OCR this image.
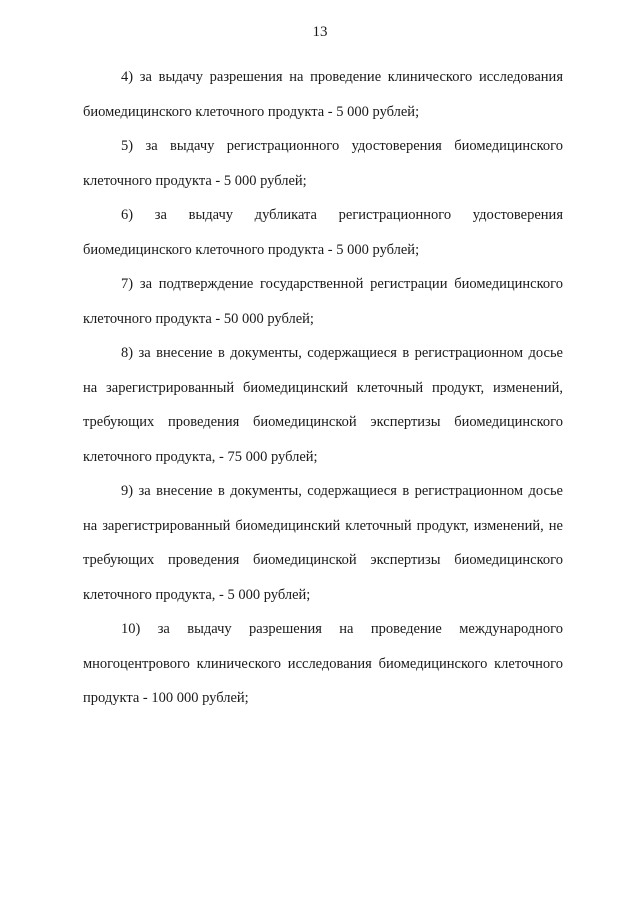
13

4) за выдачу разрешения на проведение клинического исследования биомедицинского клеточного продукта - 5 000 рублей;

5) за выдачу регистрационного удостоверения биомедицинского клеточного продукта - 5 000 рублей;

6) за выдачу дубликата регистрационного удостоверения биомедицинского клеточного продукта - 5 000 рублей;

7) за подтверждение государственной регистрации биомедицинского клеточного продукта - 50 000 рублей;

8) за внесение в документы, содержащиеся в регистрационном досье на зарегистрированный биомедицинский клеточный продукт, изменений, требующих проведения биомедицинской экспертизы биомедицинского клеточного продукта, - 75 000 рублей;

9) за внесение в документы, содержащиеся в регистрационном досье на зарегистрированный биомедицинский клеточный продукт, изменений, не требующих проведения биомедицинской экспертизы биомедицинского клеточного продукта, - 5 000 рублей;

10) за выдачу разрешения на проведение международного многоцентрового клинического исследования биомедицинского клеточного продукта - 100 000 рублей;
